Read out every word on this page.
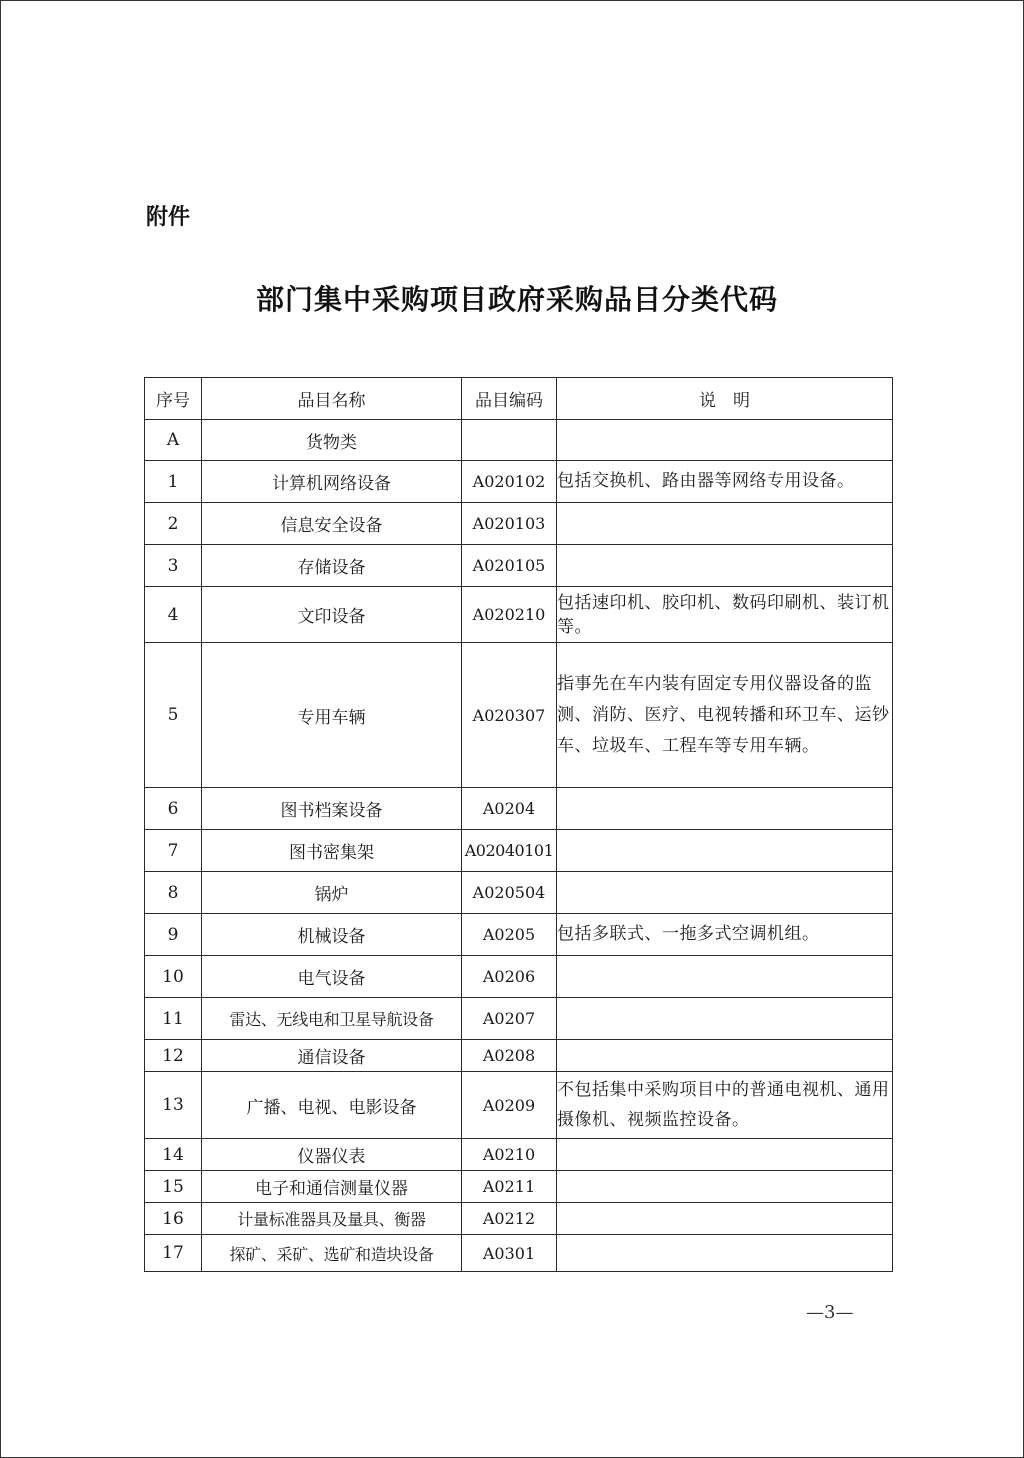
附件
部门集中采购项目政府采购品目分类代码
序号	品目名称	品目编码	说　明
A	货物类		
1	计算机网络设备	A020102	包括交换机、路由器等网络专用设备。
2	信息安全设备	A020103	
3	存储设备	A020105	
4	文印设备	A020210	包括速印机、胶印机、数码印刷机、装订机等。
5	专用车辆	A020307	指事先在车内装有固定专用仪器设备的监测、消防、医疗、电视转播和环卫车、运钞车、垃圾车、工程车等专用车辆。
6	图书档案设备	A0204	
7	图书密集架	A02040101	
8	锅炉	A020504	
9	机械设备	A0205	包括多联式、一拖多式空调机组。
10	电气设备	A0206	
11	雷达、无线电和卫星导航设备	A0207	
12	通信设备	A0208	
13	广播、电视、电影设备	A0209	不包括集中采购项目中的普通电视机、通用摄像机、视频监控设备。
14	仪器仪表	A0210	
15	电子和通信测量仪器	A0211	
16	计量标准器具及量具、衡器	A0212	
17	探矿、采矿、选矿和造块设备	A0301	
—3—
